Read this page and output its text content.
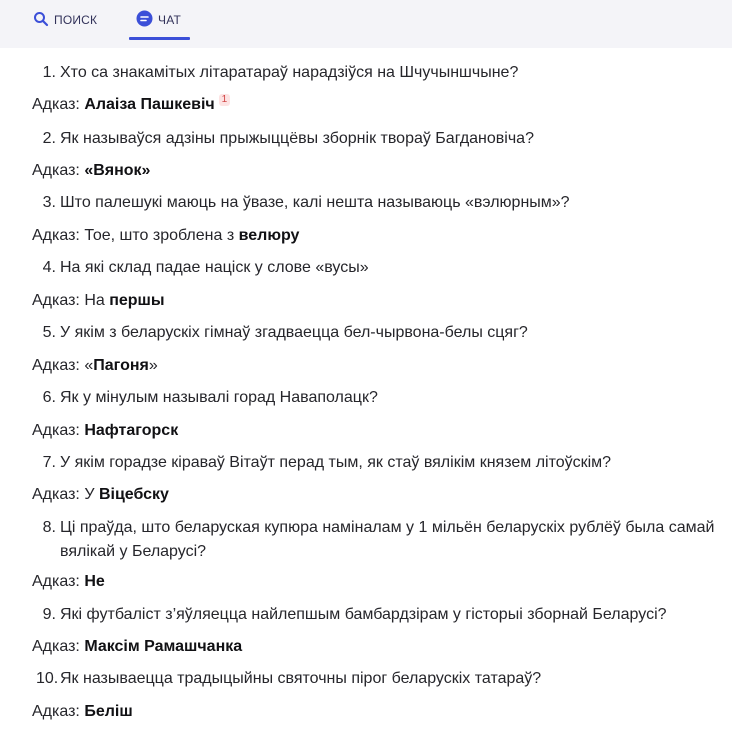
ПОИСК	ЧАТ
1. Хто са знакамітых літаратараў нарадзіўся на Шчучыншчыне?
Адказ: Алаіза Пашкевіч 1
2. Як называўся адзіны прыжыццёвы зборнік твораў Багдановіча?
Адказ: «Вянок»
3. Што палешукі маюць на ўвазе, калі нешта называюць «вэлюрным»?
Адказ: Тое, што зроблена з велюру
4. На які склад падае націск у слове «вусы»
Адказ: На першы
5. У якім з беларускіх гімнаў згадваецца бел-чырвона-белы сцяг?
Адказ: «Пагоня»
6. Як у мінулым называлі горад Наваполацк?
Адказ: Нафтагорск
7. У якім горадзе кіраваў Вітаўт перад тым, як стаў вялікім князем літоўскім?
Адказ: У Віцебску
8. Ці праўда, што беларуская купюра наміналам у 1 мільён беларускіх рублёў была самай
вялікай у Беларусі?
Адказ: Не
9. Які футбаліст з’яўляецца найлепшым бамбардзірам у гісторыі зборнай Беларусі?
Адказ: Максім Рамашчанка
10. Як называецца традыцыйны святочны пірог беларускіх татараў?
Адказ: Беліш
